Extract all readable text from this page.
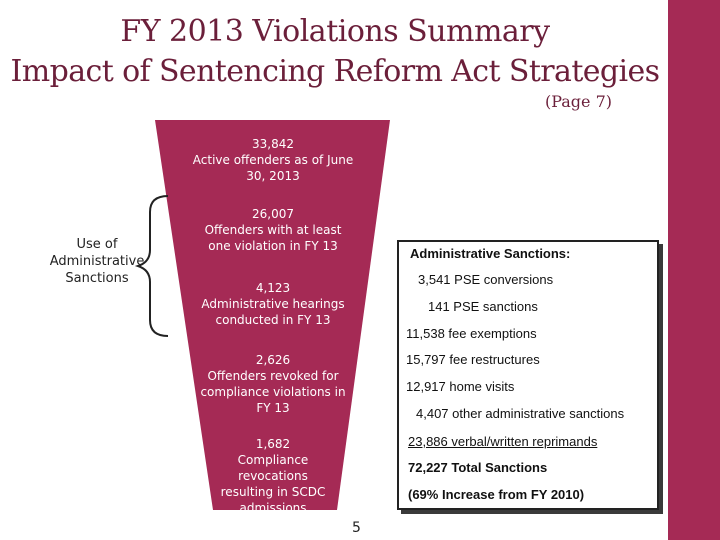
FY 2013 Violations Summary
Impact of Sentencing Reform Act Strategies
(Page 7)
33,842
Active offenders as of June 30, 2013
26,007
Offenders with at least one violation in FY 13
4,123
Administrative hearings conducted in FY 13
2,626
Offenders revoked for compliance violations in FY 13
1,682
Compliance revocations resulting in SCDC admissions
Use of Administrative Sanctions
Administrative Sanctions:
3,541 PSE conversions
141 PSE sanctions
11,538 fee exemptions
15,797 fee restructures
12,917 home visits
4,407 other administrative sanctions
23,886 verbal/written reprimands
72,227 Total Sanctions
(69% Increase from FY 2010)
5
